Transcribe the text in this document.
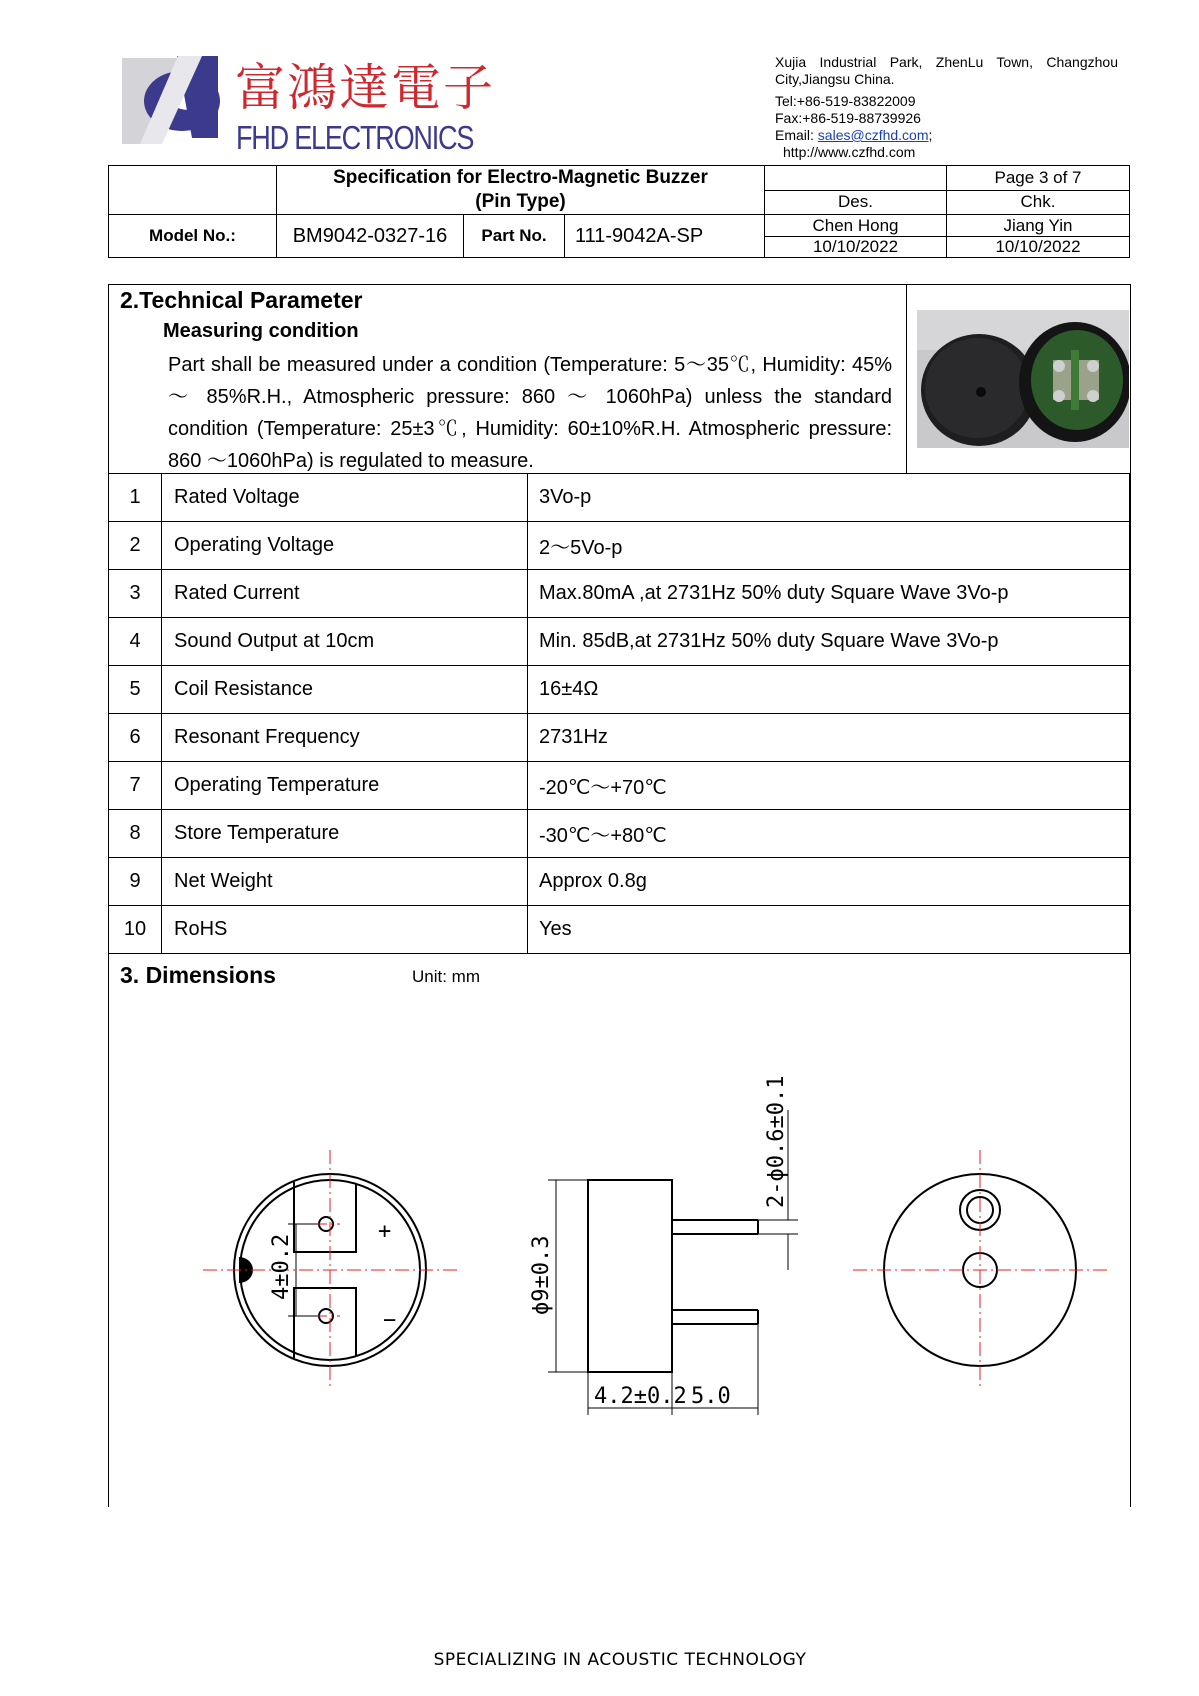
富鴻達電子
FHD ELECTRONICS
Xujia Industrial Park, ZhenLu Town, Changzhou
City,Jiangsu China.
Tel:+86-519-83822009
Fax:+86-519-88739926
Email: sales@czfhd.com;
http://www.czfhd.com

	Specification for Electro-Magnetic Buzzer
(Pin Type)				Page 3 of 7
				Des.	Chk.
Model No.:	BM9042-0327-16	Part No.	111-9042A-SP	Chen Hong	Jiang Yin
				10/10/2022	10/10/2022
2.Technical Parameter
Measuring condition
Part shall be measured under a condition (Temperature: 5～35℃, Humidity: 45% ～ 85%R.H., Atmospheric pressure: 860 ～ 1060hPa) unless the standard condition (Temperature: 25±3℃, Humidity: 60±10%R.H. Atmospheric pressure: 860 ～1060hPa) is regulated to measure.
1	Rated Voltage	3Vo-p
2	Operating Voltage	2～5Vo-p
3	Rated Current	Max.80mA ,at 2731Hz 50% duty Square Wave 3Vo-p
4	Sound Output at 10cm	Min. 85dB,at 2731Hz 50% duty Square Wave 3Vo-p
5	Coil Resistance	16±4Ω
6	Resonant Frequency	2731Hz
7	Operating Temperature	-20℃～+70℃
8	Store Temperature	-30℃～+80℃
9	Net Weight	Approx 0.8g
10	RoHS	Yes
3. Dimensions	Unit: mm
+
−
4±0.2	ϕ9±0.3
4.2±0.2 5.0
2-ϕ0.6±0.1
SPECIALIZING IN ACOUSTIC TECHNOLOGY
